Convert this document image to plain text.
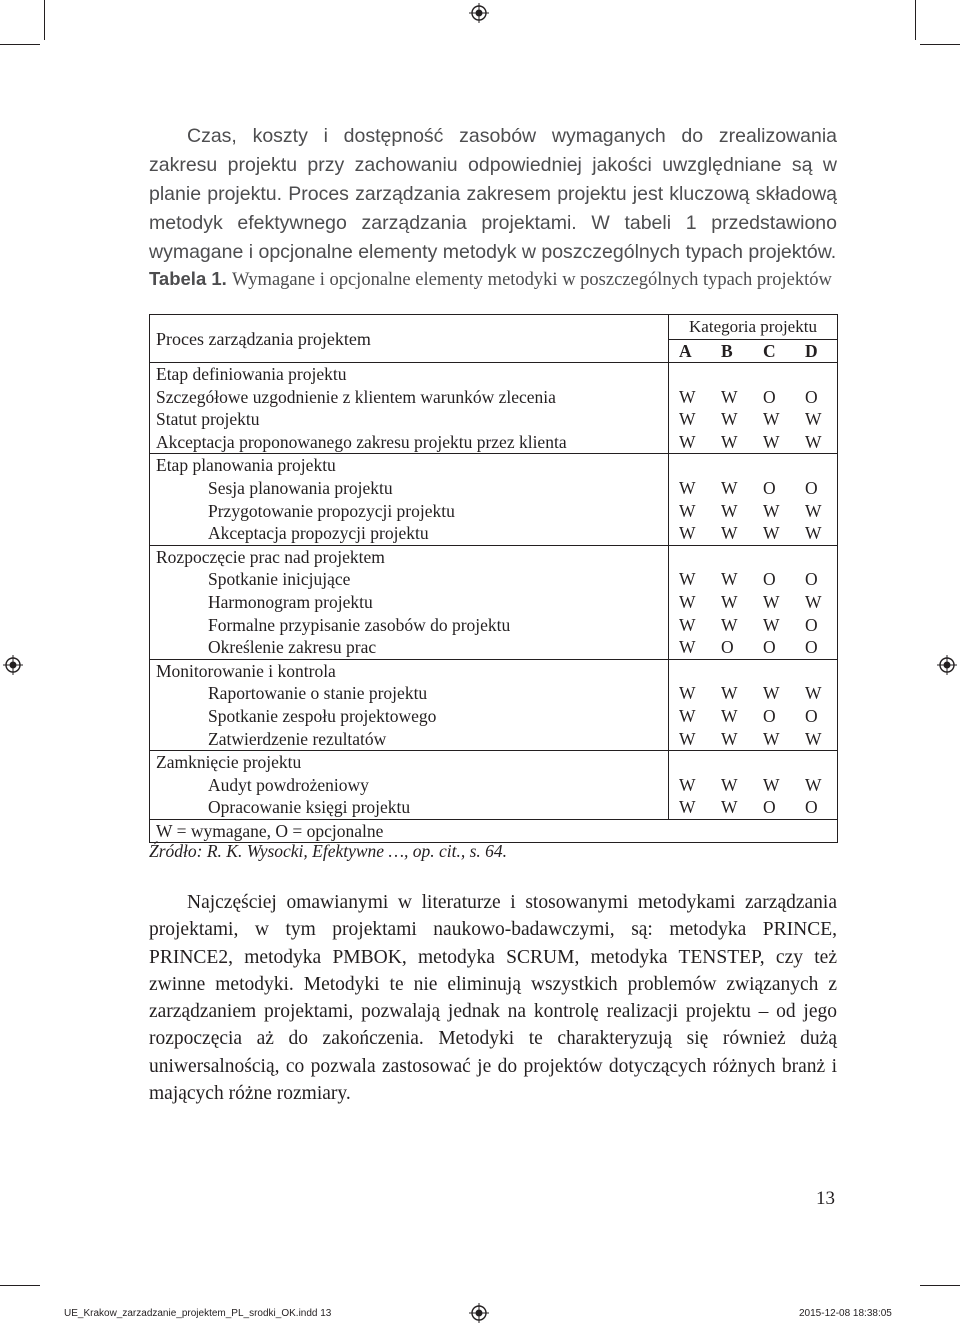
Czas, koszty i dostępność zasobów wymaganych do zrealizowania zakresu projektu przy zachowaniu odpowiedniej jakości uwzględniane są w planie projektu. Proces zarządzania zakresem projektu jest kluczową składową metodyk efektywnego zarządzania projektami. W tabeli 1 przedstawiono wymagane i opcjonalne elementy metodyk w poszczególnych typach projektów.
Tabela 1. Wymagane i opcjonalne elementy metodyki w poszczególnych typach projektów
Proces zarządzania projektem	Kategoria projektu			
	A	B	C	D
Etap definiowania projektu				
Szczegółowe uzgodnienie z klientem warunków zlecenia	W	W	O	O
Statut projektu	W	W	W	W
Akceptacja proponowanego zakresu projektu przez klienta	W	W	W	W
Etap planowania projektu				
Sesja planowania projektu	W	W	O	O
Przygotowanie propozycji projektu	W	W	W	W
Akceptacja propozycji projektu	W	W	W	W
Rozpoczęcie prac nad projektem				
Spotkanie inicjujące	W	W	O	O
Harmonogram projektu	W	W	W	W
Formalne przypisanie zasobów do projektu	W	W	W	O
Określenie zakresu prac	W	O	O	O
Monitorowanie i kontrola				
Raportowanie o stanie projektu	W	W	W	W
Spotkanie zespołu projektowego	W	W	O	O
Zatwierdzenie rezultatów	W	W	W	W
Zamknięcie projektu				
Audyt powdrożeniowy	W	W	W	W
Opracowanie księgi projektu	W	W	O	O
W = wymagane, O = opcjonalne				
Źródło: R. K. Wysocki, Efektywne …, op. cit., s. 64.
Najczęściej omawianymi w literaturze i stosowanymi metodykami zarządzania projektami, w tym projektami naukowo-badawczymi, są: metodyka PRINCE, PRINCE2, metodyka PMBOK, metodyka SCRUM, metodyka TENSTEP, czy też zwinne metodyki. Metodyki te nie eliminują wszystkich problemów związanych z zarządzaniem projektami, pozwalają jednak na kontrolę realizacji projektu – od jego rozpoczęcia aż do zakończenia. Metodyki te charakteryzują się również dużą uniwersalnością, co pozwala zastosować je do projektów dotyczących różnych branż i mających różne rozmiary.
13
UE_Krakow_zarzadzanie_projektem_PL_srodki_OK.indd 13	2015-12-08 18:38:05
